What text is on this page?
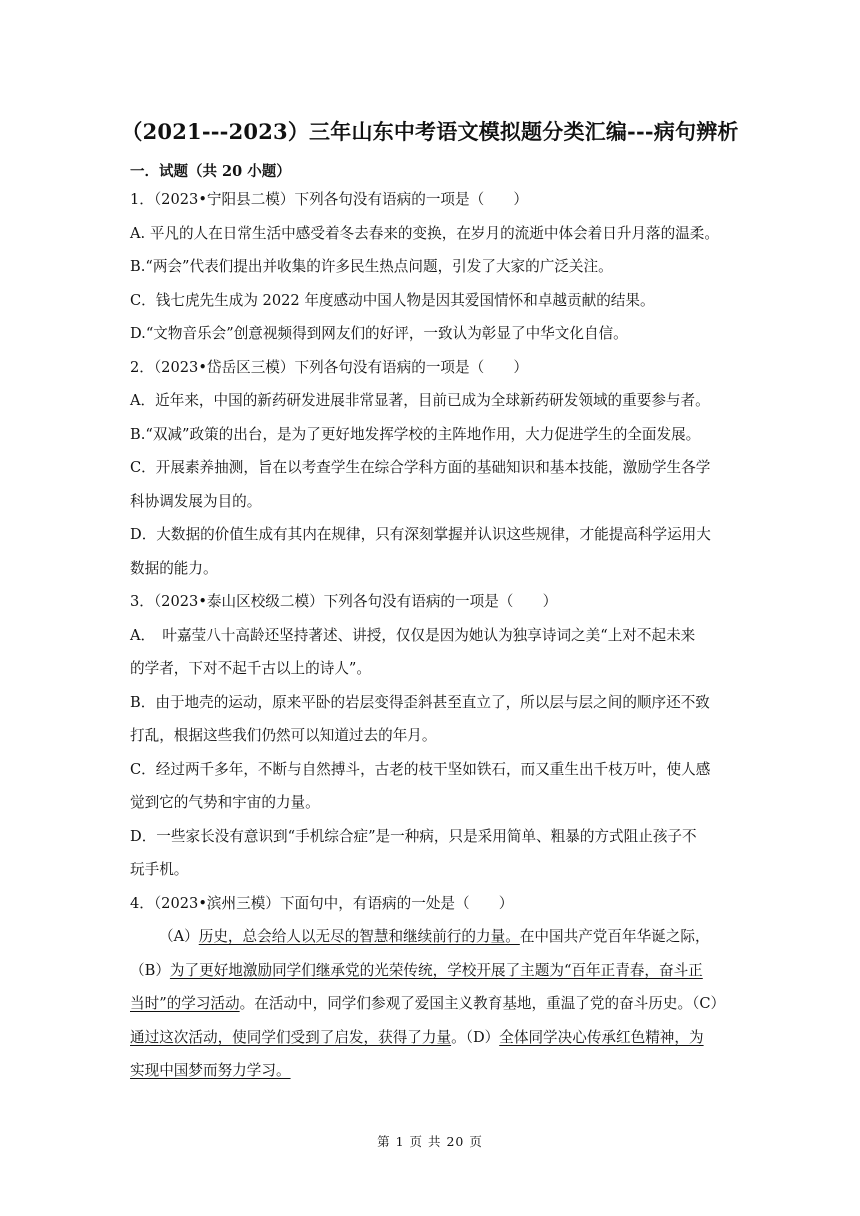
（2021---2023）三年山东中考语文模拟题分类汇编---病句辨析
一．试题（共 20 小题）
1．（2023•宁阳县二模）下列各句没有语病的一项是（　　）
A. 平凡的人在日常生活中感受着冬去春来的变换，在岁月的流逝中体会着日升月落的温柔。
B.“两会”代表们提出并收集的许多民生热点问题，引发了大家的广泛关注。
C．钱七虎先生成为 2022 年度感动中国人物是因其爱国情怀和卓越贡献的结果。
D.“文物音乐会”创意视频得到网友们的好评，一致认为彰显了中华文化自信。
2．（2023•岱岳区三模）下列各句没有语病的一项是（　　）
A．近年来，中国的新药研发进展非常显著，目前已成为全球新药研发领域的重要参与者。
B.“双减”政策的出台，是为了更好地发挥学校的主阵地作用，大力促进学生的全面发展。
C．开展素养抽测，旨在以考查学生在综合学科方面的基础知识和基本技能，激励学生各学
科协调发展为目的。
D．大数据的价值生成有其内在规律，只有深刻掌握并认识这些规律，才能提高科学运用大
数据的能力。
3．（2023•泰山区校级二模）下列各句没有语病的一项是（　　）
A．　叶嘉莹八十高龄还坚持著述、讲授，仅仅是因为她认为独享诗词之美“上对不起未来
的学者，下对不起千古以上的诗人”。
B．由于地壳的运动，原来平卧的岩层变得歪斜甚至直立了，所以层与层之间的顺序还不致
打乱，根据这些我们仍然可以知道过去的年月。
C．经过两千多年，不断与自然搏斗，古老的枝干坚如铁石，而又重生出千枝万叶，使人感
觉到它的气势和宇宙的力量。
D．一些家长没有意识到“手机综合症”是一种病，只是采用简单、粗暴的方式阻止孩子不
玩手机。
4．（2023•滨州三模）下面句中，有语病的一处是（　　）
（A）历史，总会给人以无尽的智慧和继续前行的力量。在中国共产党百年华诞之际，
（B）为了更好地激励同学们继承党的光荣传统，学校开展了主题为“百年正青春，奋斗正
当时”的学习活动。在活动中，同学们参观了爱国主义教育基地，重温了党的奋斗历史。（C）
通过这次活动，使同学们受到了启发，获得了力量。（D）全体同学决心传承红色精神，为
实现中国梦而努力学习。
第 1 页 共 20 页
